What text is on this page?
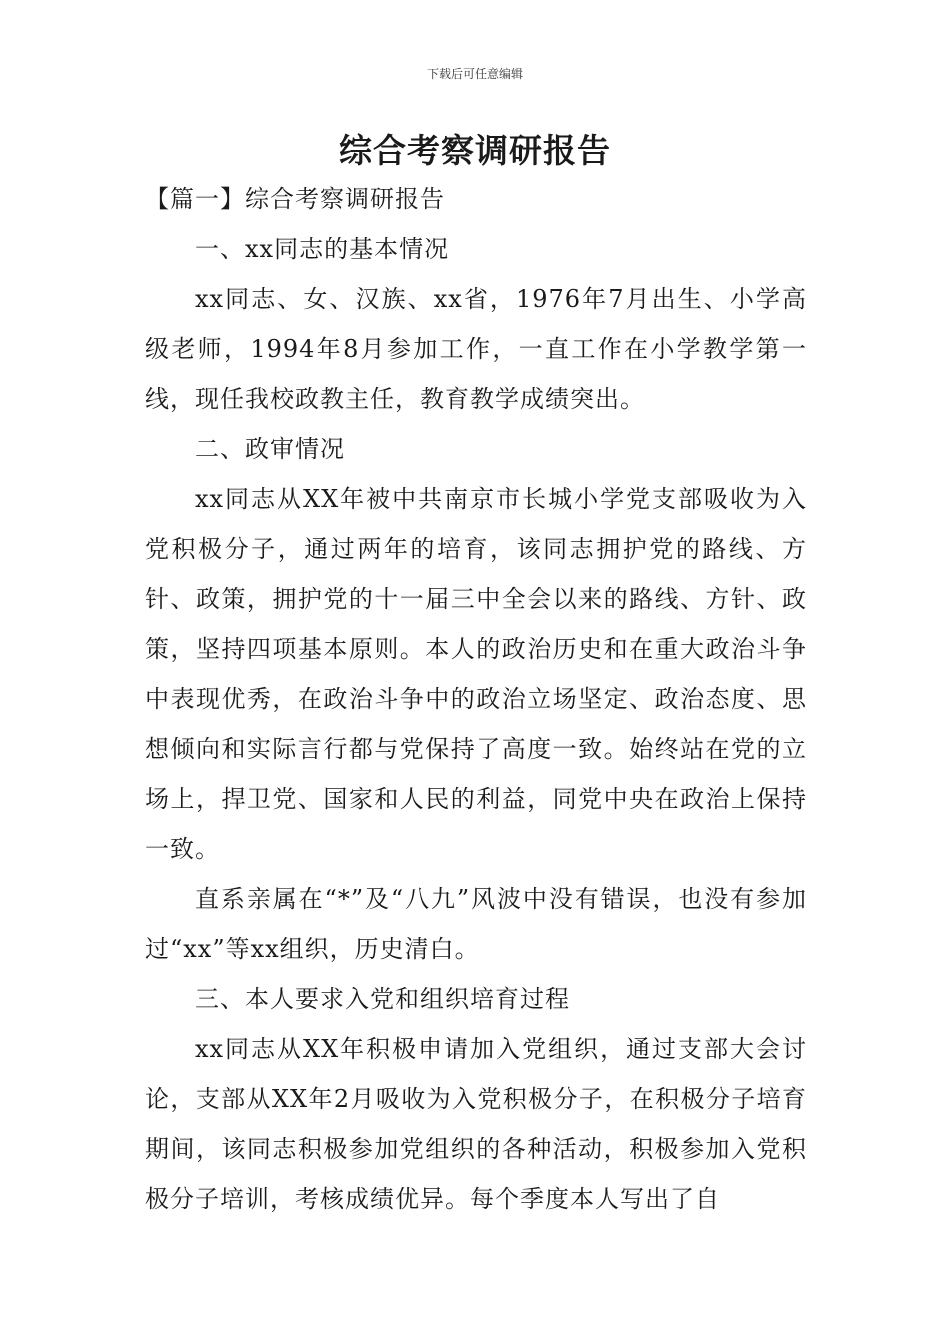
下载后可任意编辑
综合考察调研报告

【篇一】综合考察调研报告

一、xx同志的基本情况

xx同志、女、汉族、xx省，1976年7月出生、小学高级老师，1994年8月参加工作，一直工作在小学教学第一线，现任我校政教主任，教育教学成绩突出。

二、政审情况

xx同志从XX年被中共南京市长城小学党支部吸收为入党积极分子，通过两年的培育，该同志拥护党的路线、方针、政策，拥护党的十一届三中全会以来的路线、方针、政策，坚持四项基本原则。本人的政治历史和在重大政治斗争中表现优秀，在政治斗争中的政治立场坚定、政治态度、思想倾向和实际言行都与党保持了高度一致。始终站在党的立场上，捍卫党、国家和人民的利益，同党中央在政治上保持一致。

直系亲属在“*”及“八九”风波中没有错误，也没有参加过“xx”等xx组织，历史清白。

三、本人要求入党和组织培育过程

xx同志从XX年积极申请加入党组织，通过支部大会讨论，支部从XX年2月吸收为入党积极分子，在积极分子培育期间，该同志积极参加党组织的各种活动，积极参加入党积极分子培训，考核成绩优异。每个季度本人写出了自
